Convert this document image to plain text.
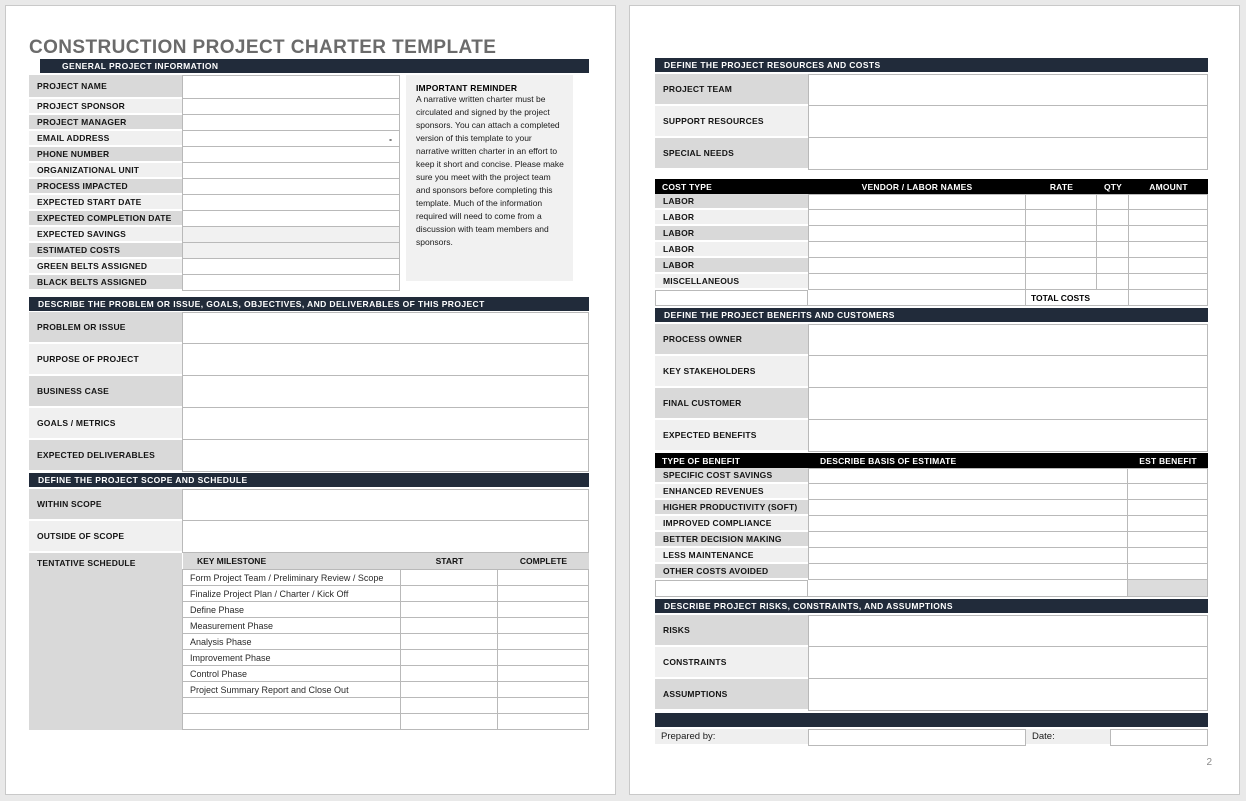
CONSTRUCTION PROJECT CHARTER TEMPLATE
GENERAL PROJECT INFORMATION
PROJECT NAME
PROJECT SPONSOR
PROJECT MANAGER
EMAIL ADDRESS	-
PHONE NUMBER
ORGANIZATIONAL UNIT
PROCESS IMPACTED
EXPECTED START DATE
EXPECTED COMPLETION DATE
EXPECTED SAVINGS
ESTIMATED COSTS
GREEN BELTS ASSIGNED
BLACK BELTS ASSIGNED
IMPORTANT REMINDER

A narrative written charter must be circulated and signed by the project sponsors. You can attach a completed version of this template to your narrative written charter in an effort to keep it short and concise. Please make sure you meet with the project team and sponsors before completing this template. Much of the information required will need to come from a discussion with team members and sponsors.

DESCRIBE THE PROBLEM OR ISSUE, GOALS, OBJECTIVES, AND DELIVERABLES OF THIS PROJECT
PROBLEM OR ISSUE
PURPOSE OF PROJECT
BUSINESS CASE
GOALS / METRICS
EXPECTED DELIVERABLES
DEFINE THE PROJECT SCOPE AND SCHEDULE
WITHIN SCOPE
OUTSIDE OF SCOPE
TENTATIVE SCHEDULE	KEY MILESTONE	START	COMPLETE
Form Project Team / Preliminary Review / Scope
Finalize Project Plan / Charter / Kick Off
Define Phase
Measurement Phase
Analysis Phase
Improvement Phase
Control Phase
Project Summary Report and Close Out
DEFINE THE PROJECT RESOURCES AND COSTS
PROJECT TEAM
SUPPORT RESOURCES
SPECIAL NEEDS
COST TYPE	VENDOR / LABOR NAMES	RATE	QTY	AMOUNT
LABOR
LABOR
LABOR
LABOR
LABOR
MISCELLANEOUS
TOTAL COSTS
DEFINE THE PROJECT BENEFITS AND CUSTOMERS
PROCESS OWNER
KEY STAKEHOLDERS
FINAL CUSTOMER
EXPECTED BENEFITS
TYPE OF BENEFIT	DESCRIBE BASIS OF ESTIMATE	EST BENEFIT
SPECIFIC COST SAVINGS
ENHANCED REVENUES
HIGHER PRODUCTIVITY (SOFT)
IMPROVED COMPLIANCE
BETTER DECISION MAKING
LESS MAINTENANCE
OTHER COSTS AVOIDED
DESCRIBE PROJECT RISKS, CONSTRAINTS, AND ASSUMPTIONS
RISKS
CONSTRAINTS
ASSUMPTIONS
Prepared by:	Date:
2
